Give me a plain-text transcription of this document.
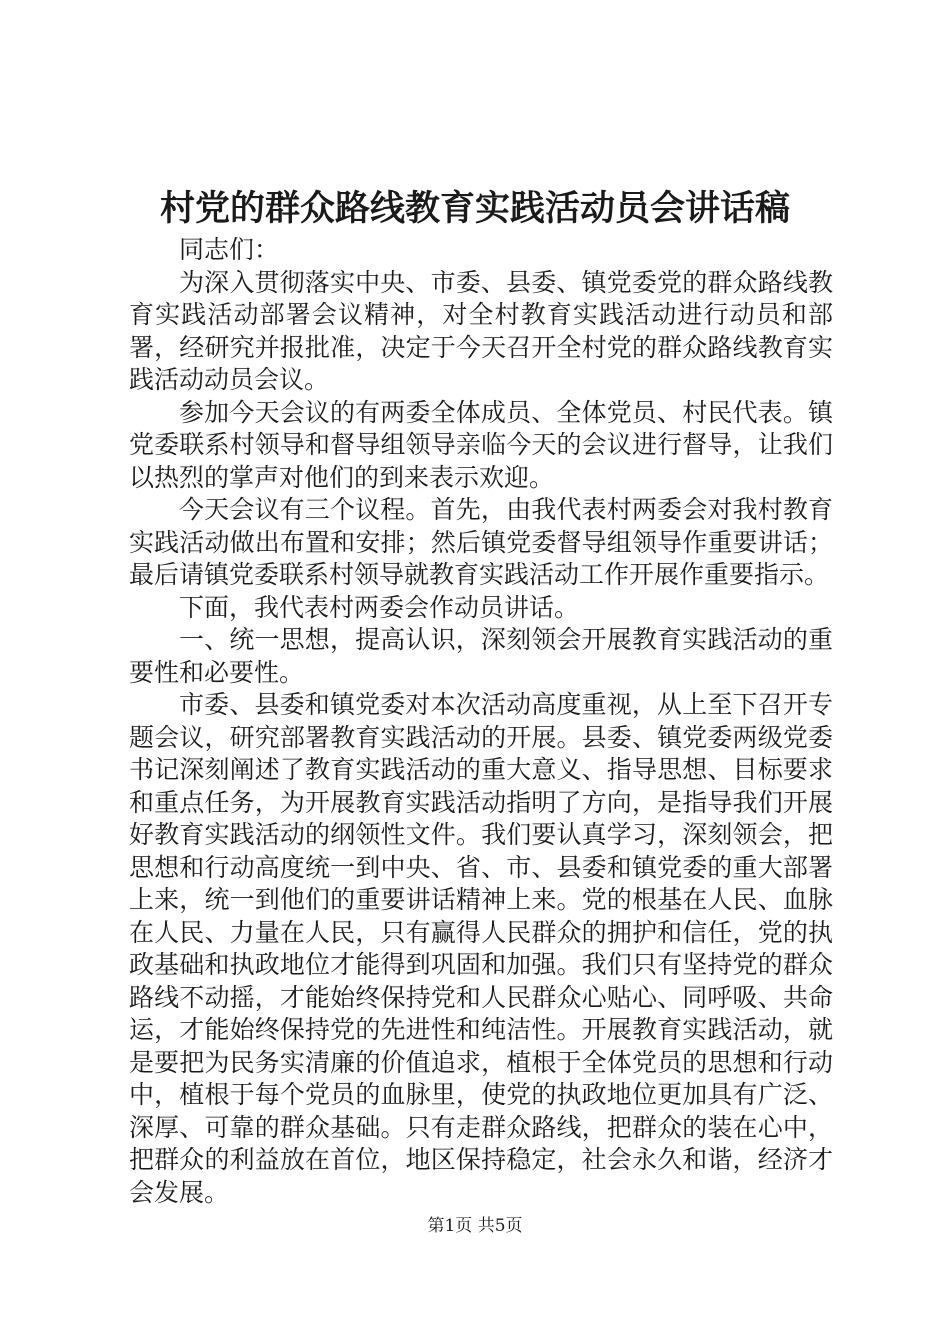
村党的群众路线教育实践活动员会讲话稿

同志们：

为深入贯彻落实中央、市委、县委、镇党委党的群众路线教育实践活动部署会议精神，对全村教育实践活动进行动员和部署，经研究并报批准，决定于今天召开全村党的群众路线教育实践活动动员会议。

参加今天会议的有两委全体成员、全体党员、村民代表。镇党委联系村领导和督导组领导亲临今天的会议进行督导，让我们以热烈的掌声对他们的到来表示欢迎。

今天会议有三个议程。首先，由我代表村两委会对我村教育实践活动做出布置和安排；然后镇党委督导组领导作重要讲话；最后请镇党委联系村领导就教育实践活动工作开展作重要指示。

下面，我代表村两委会作动员讲话。

一、统一思想，提高认识，深刻领会开展教育实践活动的重要性和必要性。

市委、县委和镇党委对本次活动高度重视，从上至下召开专题会议，研究部署教育实践活动的开展。县委、镇党委两级党委书记深刻阐述了教育实践活动的重大意义、指导思想、目标要求和重点任务，为开展教育实践活动指明了方向，是指导我们开展好教育实践活动的纲领性文件。我们要认真学习，深刻领会，把思想和行动高度统一到中央、省、市、县委和镇党委的重大部署上来，统一到他们的重要讲话精神上来。党的根基在人民、血脉在人民、力量在人民，只有赢得人民群众的拥护和信任，党的执政基础和执政地位才能得到巩固和加强。我们只有坚持党的群众路线不动摇，才能始终保持党和人民群众心贴心、同呼吸、共命运，才能始终保持党的先进性和纯洁性。开展教育实践活动，就是要把为民务实清廉的价值追求，植根于全体党员的思想和行动中，植根于每个党员的血脉里，使党的执政地位更加具有广泛、深厚、可靠的群众基础。只有走群众路线，把群众的装在心中，把群众的利益放在首位，地区保持稳定，社会永久和谐，经济才会发展。

第1页 共5页
